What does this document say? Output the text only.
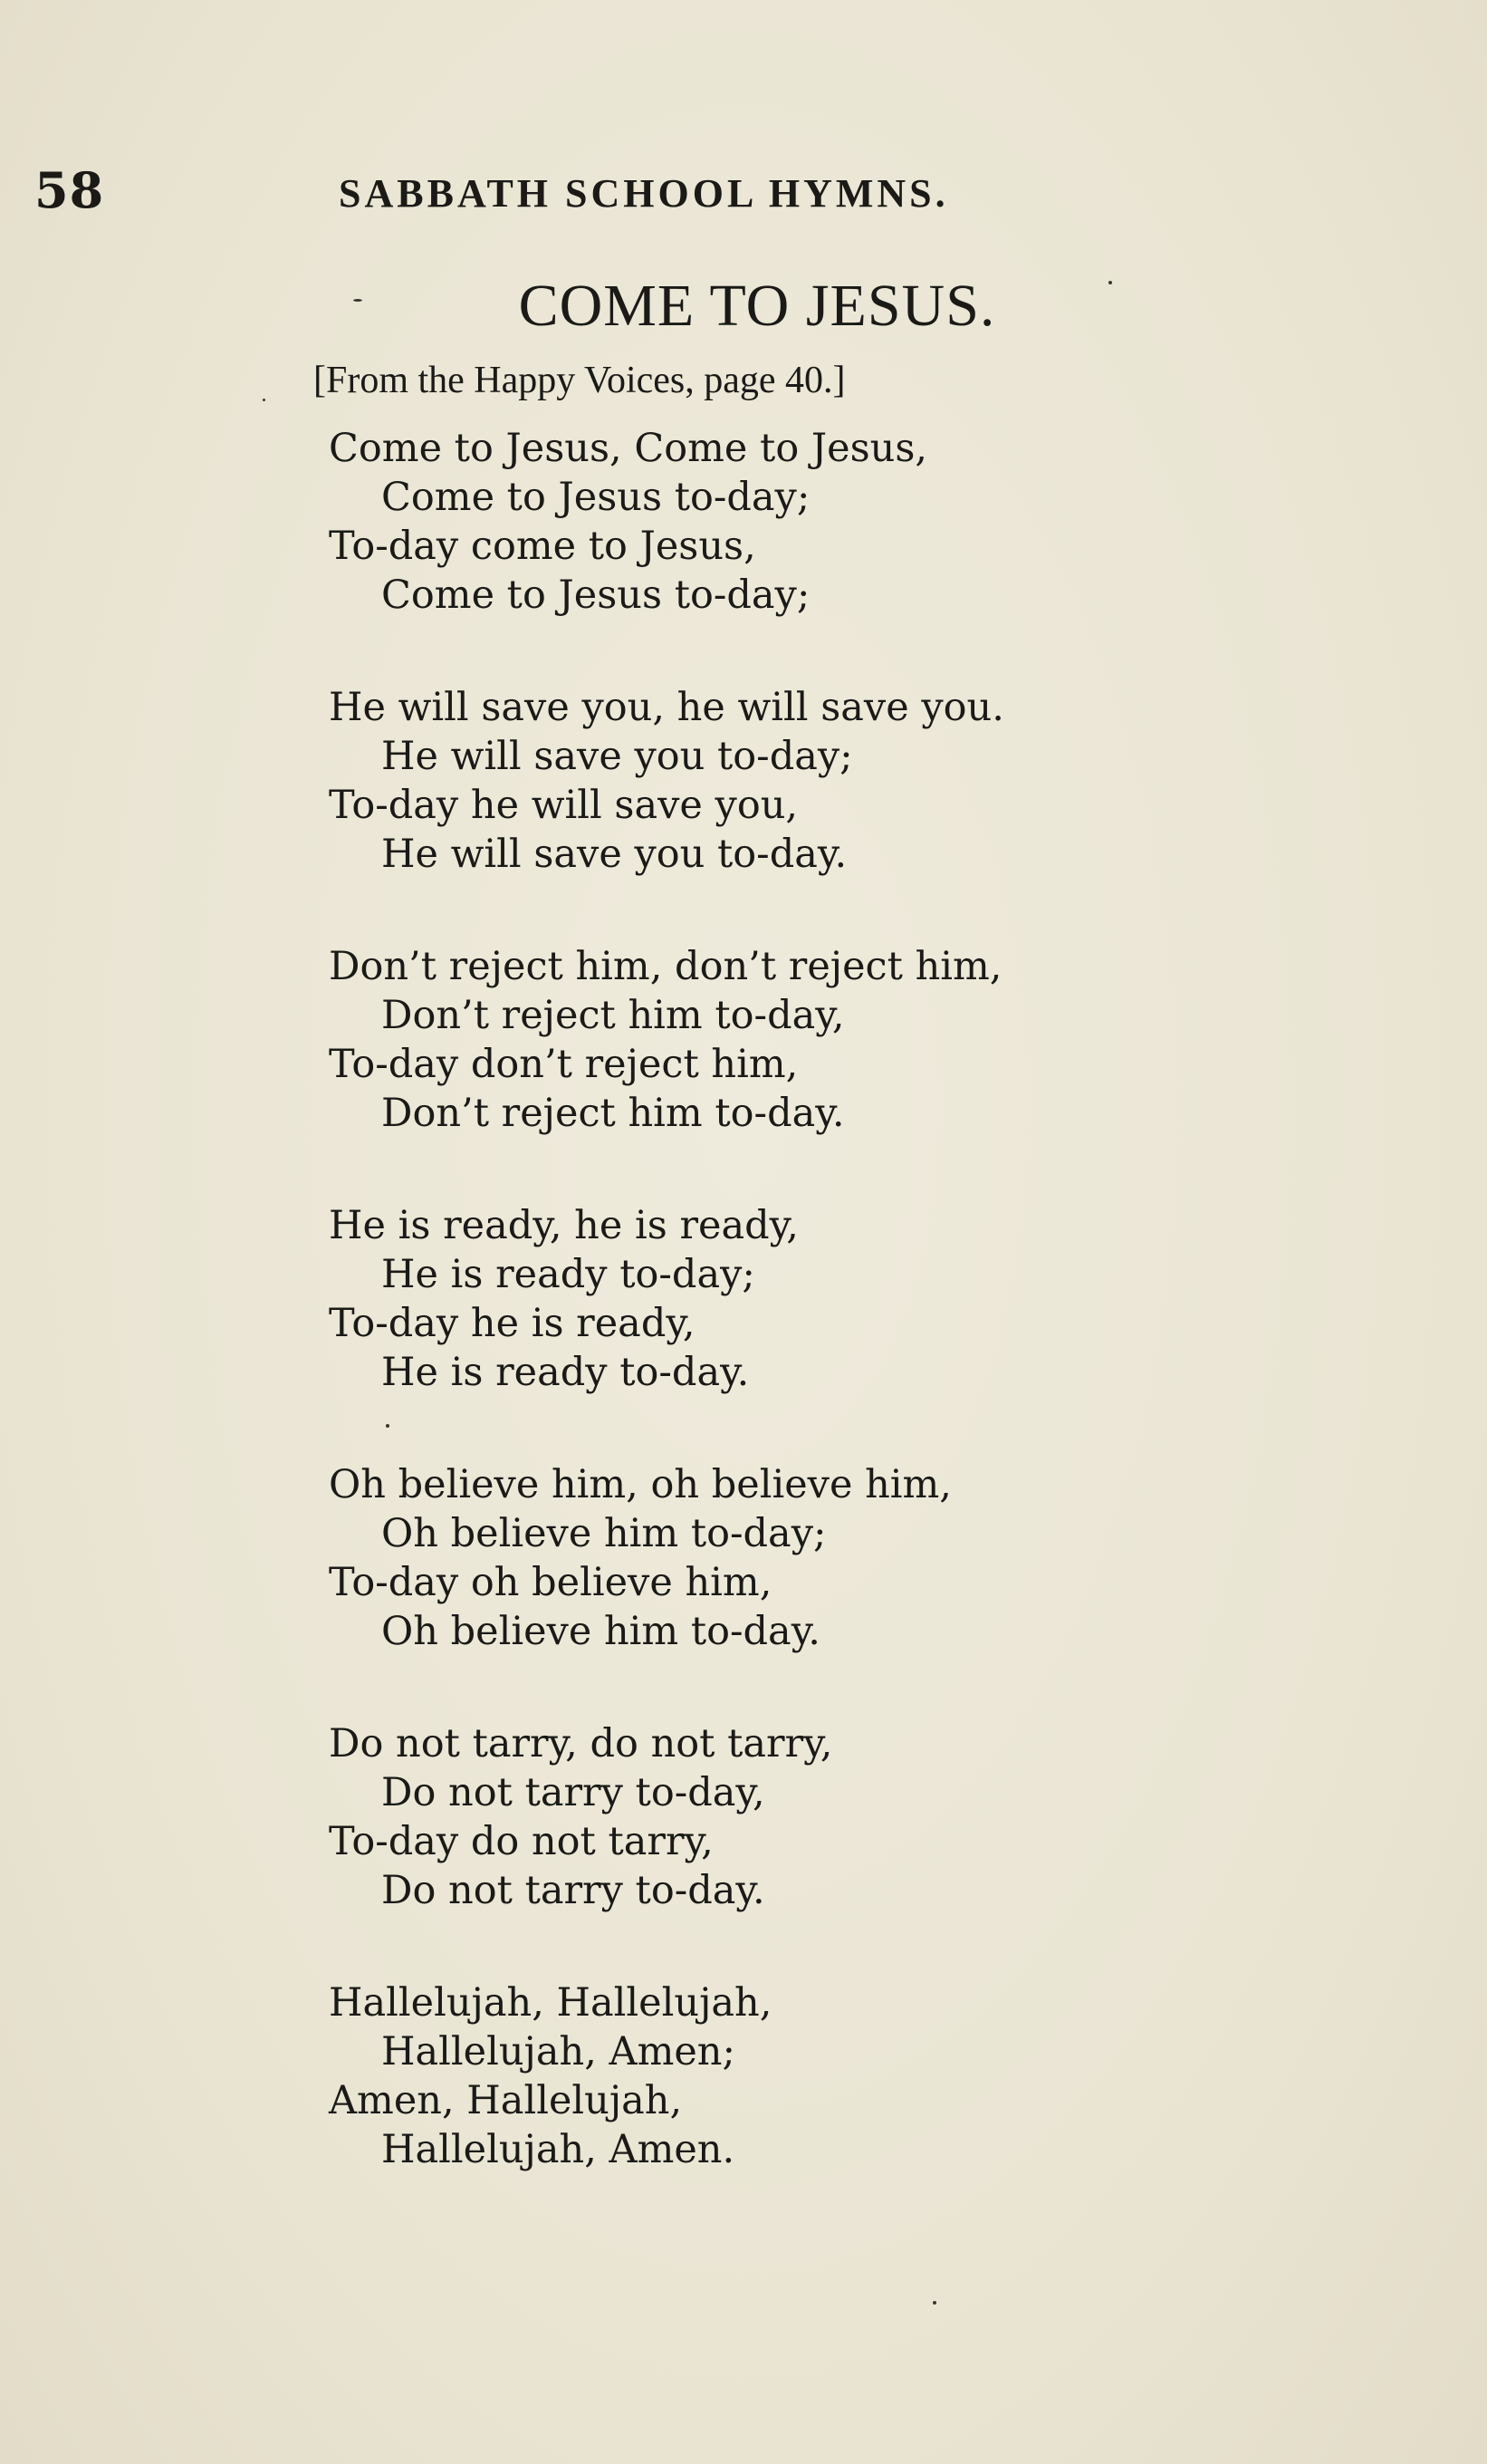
58	SABBATH SCHOOL HYMNS.
COME TO JESUS.
[From the Happy Voices, page 40.]
Come to Jesus, Come to Jesus,
Come to Jesus to-day;
To-day come to Jesus,
Come to Jesus to-day;
He will save you, he will save you.
He will save you to-day;
To-day he will save you,
He will save you to-day.
Don’t reject him, don’t reject him,
Don’t reject him to-day,
To-day don’t reject him,
Don’t reject him to-day.
He is ready, he is ready,
He is ready to-day;
To-day he is ready,
He is ready to-day.
Oh believe him, oh believe him,
Oh believe him to-day;
To-day oh believe him,
Oh believe him to-day.
Do not tarry, do not tarry,
Do not tarry to-day,
To-day do not tarry,
Do not tarry to-day.
Hallelujah, Hallelujah,
Hallelujah, Amen;
Amen, Hallelujah,
Hallelujah, Amen.
